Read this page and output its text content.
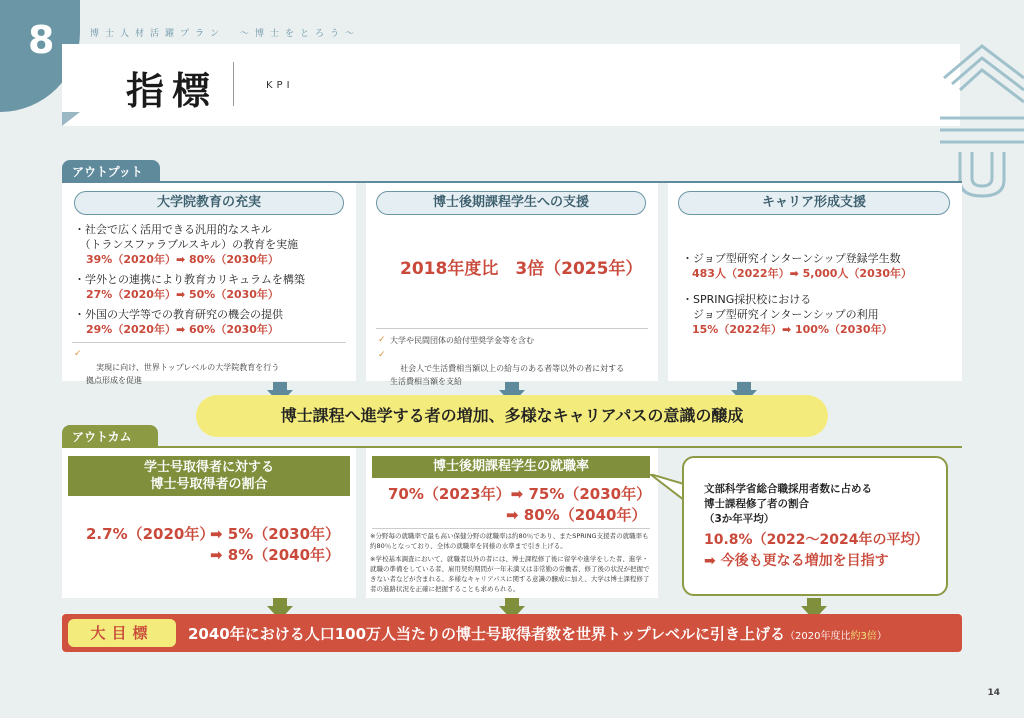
8	博士人材活躍プラン　～博士をとろう～
指標	KPI
アウトプット
大学院教育の充実
・社会で広く活用できる汎用的なスキル
　（トランスファラブルスキル）の教育を実施
39%（2020年）➡ 80%（2030年）
・学外との連携により教育カリキュラムを構築
27%（2020年）➡ 50%（2030年）
・外国の大学等での教育研究の機会の提供
29%（2020年）➡ 60%（2030年）

✓
実現に向け、世界トップレベルの大学院教育を行う
拠点形成を促進

博士後期課程学生への支援
2018年度比　3倍（2025年）
✓ 大学や民間団体の給付型奨学金等を含む

✓
社会人で生活費相当額以上の給与のある者等以外の者に対する
生活費相当額を支給

キャリア形成支援
・ジョブ型研究インターンシップ登録学生数
483人（2022年）➡ 5,000人（2030年）
・SPRING採択校における
　ジョブ型研究インターンシップの利用
15%（2022年）➡ 100%（2030年）
博士課程へ進学する者の増加、多様なキャリアパスの意識の醸成
アウトカム
学士号取得者に対する
博士号取得者の割合
2.7%（2020年）
➡ 5%（2030年）
➡ 8%（2040年）
博士後期課程学生の就職率
70%（2023年）➡ 75%（2030年）
➡ 80%（2040年）
※分野毎の就職率で最も高い保健分野の就職率は約80％であり、またSPRING支援者の就職率も約80％となっており、全体の就職率を同様の水準まで引き上げる。
※学校基本調査において、就職者以外の者には、博士課程修了後に留学や進学をした者、進学・就職の準備をしている者、雇用契約期間が一年未満又は非常勤の労働者、修了後の状況が把握できない者などが含まれる。多様なキャリアパスに関する意識の醸成に加え、大学は博士課程修了者の進路状況を正確に把握することも求められる。
文部科学省総合職採用者数に占める
博士課程修了者の割合
（3か年平均）
10.8%（2022～2024年の平均）
➡ 今後も更なる増加を目指す
大目標	2040年における人口100万人当たりの博士号取得者数を世界トップレベルに引き上げる（2020年度比約3倍）
14
